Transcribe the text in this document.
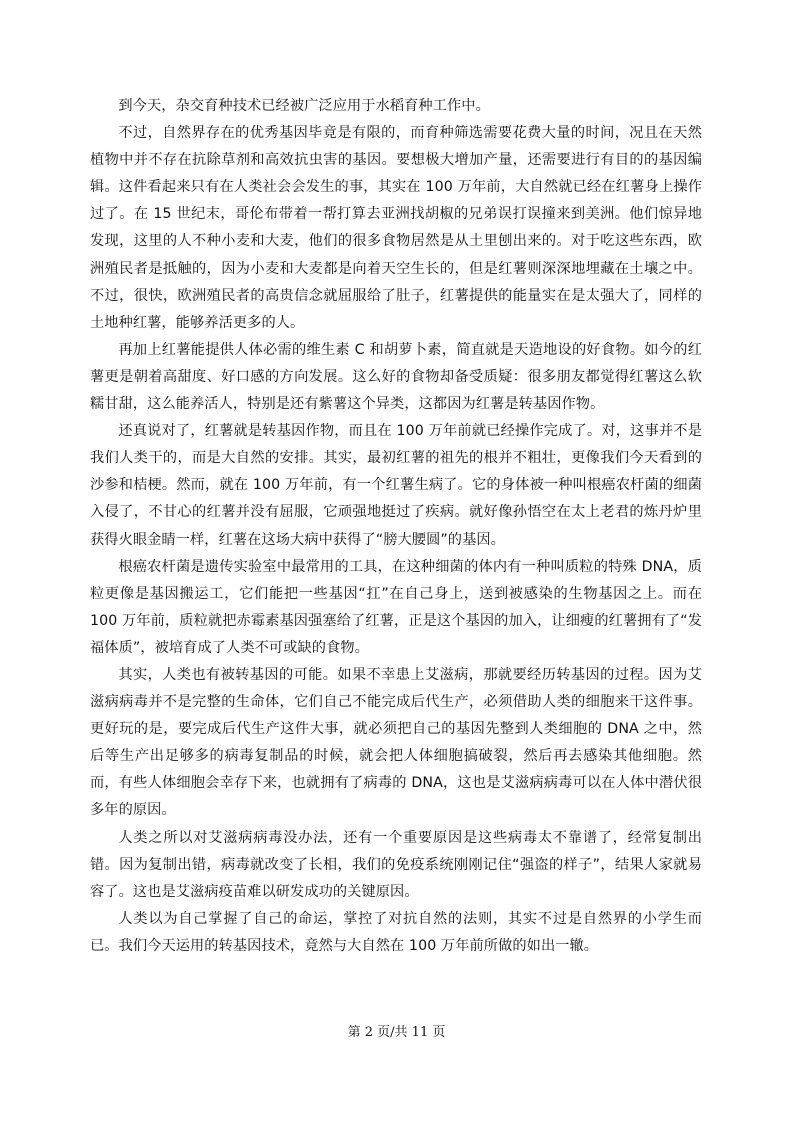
到今天，杂交育种技术已经被广泛应用于水稻育种工作中。

不过，自然界存在的优秀基因毕竟是有限的，而育种筛选需要花费大量的时间，况且在天然植物中并不存在抗除草剂和高效抗虫害的基因。要想极大增加产量，还需要进行有目的的基因编辑。这件看起来只有在人类社会会发生的事，其实在 100 万年前，大自然就已经在红薯身上操作过了。在 15 世纪末，哥伦布带着一帮打算去亚洲找胡椒的兄弟误打误撞来到美洲。他们惊异地发现，这里的人不种小麦和大麦，他们的很多食物居然是从土里刨出来的。对于吃这些东西，欧洲殖民者是抵触的，因为小麦和大麦都是向着天空生长的，但是红薯则深深地埋藏在土壤之中。不过，很快，欧洲殖民者的高贵信念就屈服给了肚子，红薯提供的能量实在是太强大了，同样的土地种红薯，能够养活更多的人。

再加上红薯能提供人体必需的维生素 C 和胡萝卜素，简直就是天造地设的好食物。如今的红薯更是朝着高甜度、好口感的方向发展。这么好的食物却备受质疑：很多朋友都觉得红薯这么软糯甘甜，这么能养活人，特别是还有紫薯这个异类，这都因为红薯是转基因作物。

还真说对了，红薯就是转基因作物，而且在 100 万年前就已经操作完成了。对，这事并不是我们人类干的，而是大自然的安排。其实，最初红薯的祖先的根并不粗壮，更像我们今天看到的沙参和桔梗。然而，就在 100 万年前，有一个红薯生病了。它的身体被一种叫根癌农杆菌的细菌入侵了，不甘心的红薯并没有屈服，它顽强地挺过了疾病。就好像孙悟空在太上老君的炼丹炉里获得火眼金睛一样，红薯在这场大病中获得了“膀大腰圆”的基因。

根癌农杆菌是遗传实验室中最常用的工具，在这种细菌的体内有一种叫质粒的特殊 DNA，质粒更像是基因搬运工，它们能把一些基因“扛”在自己身上，送到被感染的生物基因之上。而在 100 万年前，质粒就把赤霉素基因强塞给了红薯，正是这个基因的加入，让细瘦的红薯拥有了“发福体质”，被培育成了人类不可或缺的食物。

其实，人类也有被转基因的可能。如果不幸患上艾滋病，那就要经历转基因的过程。因为艾滋病病毒并不是完整的生命体，它们自己不能完成后代生产，必须借助人类的细胞来干这件事。更好玩的是，要完成后代生产这件大事，就必须把自己的基因先整到人类细胞的 DNA 之中，然后等生产出足够多的病毒复制品的时候，就会把人体细胞搞破裂，然后再去感染其他细胞。然而，有些人体细胞会幸存下来，也就拥有了病毒的 DNA，这也是艾滋病病毒可以在人体中潜伏很多年的原因。

人类之所以对艾滋病病毒没办法，还有一个重要原因是这些病毒太不靠谱了，经常复制出错。因为复制出错，病毒就改变了长相，我们的免疫系统刚刚记住“强盗的样子”，结果人家就易容了。这也是艾滋病疫苗难以研发成功的关键原因。

人类以为自己掌握了自己的命运，掌控了对抗自然的法则，其实不过是自然界的小学生而已。我们今天运用的转基因技术，竟然与大自然在 100 万年前所做的如出一辙。

第 2 页/共 11 页
